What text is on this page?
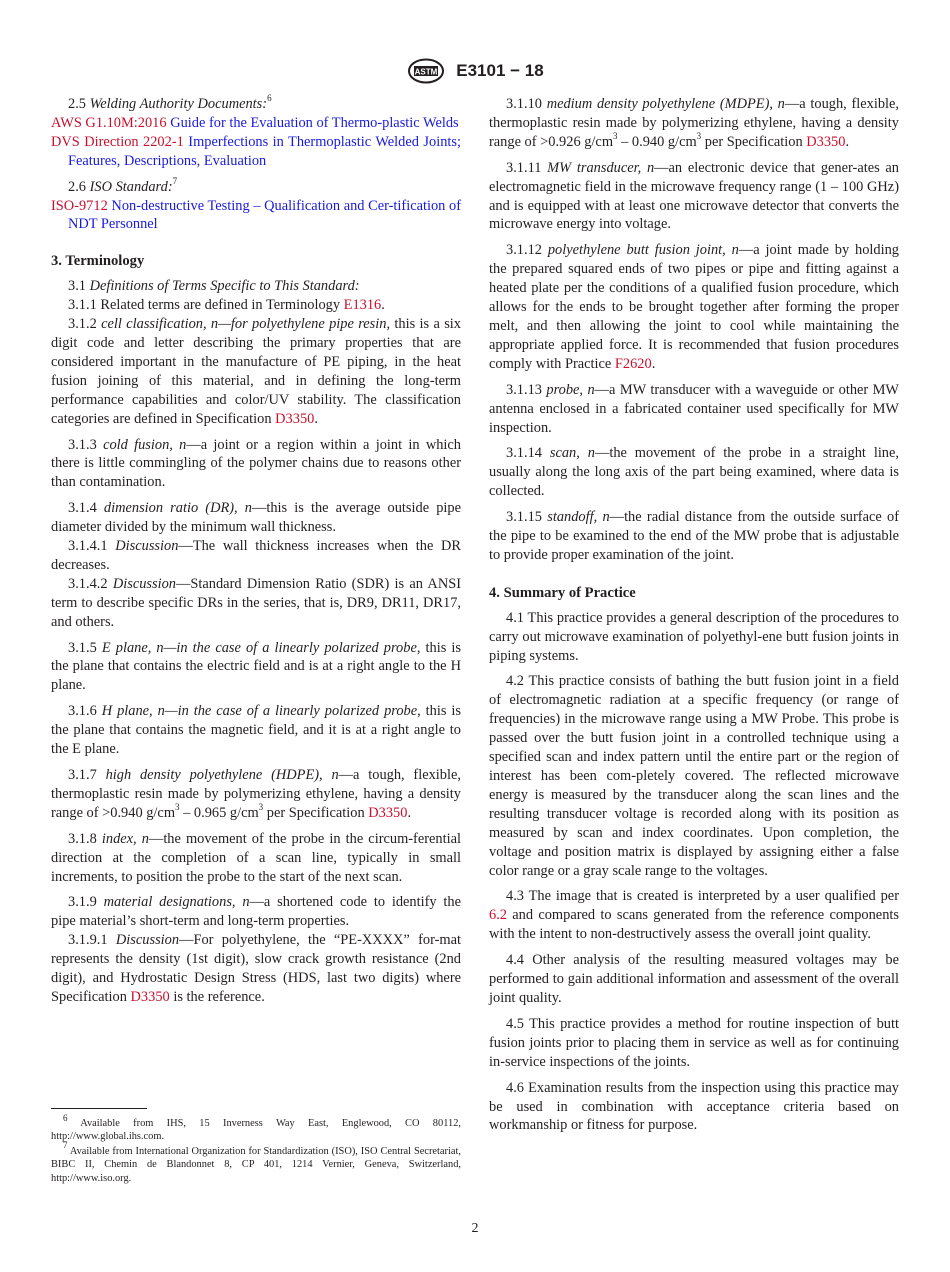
ASTM E3101 − 18

2.5 Welding Authority Documents:$^6$

AWS G1.10M:2016 Guide for the Evaluation of Thermo-plastic Welds

DVS Direction 2202-1 Imperfections in Thermoplastic Welded Joints; Features, Descriptions, Evaluation

2.6 ISO Standard:$^7$

ISO-9712 Non-destructive Testing – Qualification and Cer-tification of NDT Personnel

3. Terminology

3.1 Definitions of Terms Specific to This Standard:

3.1.1 Related terms are defined in Terminology E1316.

3.1.2 cell classification, n—for polyethylene pipe resin, this is a six digit code and letter describing the primary properties that are considered important in the manufacture of PE piping, in the heat fusion joining of this material, and in defining the long-term performance capabilities and color/UV stability. The classification categories are defined in Specification D3350.

3.1.3 cold fusion, n—a joint or a region within a joint in which there is little commingling of the polymer chains due to reasons other than contamination.

3.1.4 dimension ratio (DR), n—this is the average outside pipe diameter divided by the minimum wall thickness.

3.1.4.1 Discussion—The wall thickness increases when the DR decreases.

3.1.4.2 Discussion—Standard Dimension Ratio (SDR) is an ANSI term to describe specific DRs in the series, that is, DR9, DR11, DR17, and others.

3.1.5 E plane, n—in the case of a linearly polarized probe, this is the plane that contains the electric field and is at a right angle to the H plane.

3.1.6 H plane, n—in the case of a linearly polarized probe, this is the plane that contains the magnetic field, and it is at a right angle to the E plane.

3.1.7 high density polyethylene (HDPE), n—a tough, flexible, thermoplastic resin made by polymerizing ethylene, having a density range of >0.940 $g/cm^3 - 0.965$ $g/cm^3$ per Specification D3350.

3.1.8 index, n—the movement of the probe in the circum-ferential direction at the completion of a scan line, typically in small increments, to position the probe to the start of the next scan.

3.1.9 material designations, n—a shortened code to identify the pipe material’s short-term and long-term properties.

3.1.9.1 Discussion—For polyethylene, the “PE-XXXX” for-mat represents the density (1st digit), slow crack growth resistance (2nd digit), and Hydrostatic Design Stress (HDS, last two digits) where Specification D3350 is the reference.

3.1.10 medium density polyethylene (MDPE), n—a tough, flexible, thermoplastic resin made by polymerizing ethylene, having a density range of >0.926 $g/cm^3 - 0.940$ $g/cm^3$ per Specification D3350.

3.1.11 MW transducer, n—an electronic device that gener-ates an electromagnetic field in the microwave frequency range (1 – 100 GHz) and is equipped with at least one microwave detector that converts the microwave energy into voltage.

3.1.12 polyethylene butt fusion joint, n—a joint made by holding the prepared squared ends of two pipes or pipe and fitting against a heated plate per the conditions of a qualified fusion procedure, which allows for the ends to be brought together after forming the proper melt, and then allowing the joint to cool while maintaining the appropriate applied force. It is recommended that fusion procedures comply with Practice F2620.

3.1.13 probe, n—a MW transducer with a waveguide or other MW antenna enclosed in a fabricated container used specifically for MW inspection.

3.1.14 scan, n—the movement of the probe in a straight line, usually along the long axis of the part being examined, where data is collected.

3.1.15 standoff, n—the radial distance from the outside surface of the pipe to be examined to the end of the MW probe that is adjustable to provide proper examination of the joint.

4. Summary of Practice

4.1 This practice provides a general description of the procedures to carry out microwave examination of polyethyl-ene butt fusion joints in piping systems.

4.2 This practice consists of bathing the butt fusion joint in a field of electromagnetic radiation at a specific frequency (or range of frequencies) in the microwave range using a MW Probe. This probe is passed over the butt fusion joint in a controlled technique using a specified scan and index pattern until the entire part or the region of interest has been com-pletely covered. The reflected microwave energy is measured by the transducer along the scan lines and the resulting transducer voltage is recorded along with its position as measured by scan and index coordinates. Upon completion, the voltage and position matrix is displayed by assigning either a false color range or a gray scale range to the voltages.

4.3 The image that is created is interpreted by a user qualified per 6.2 and compared to scans generated from the reference components with the intent to non-destructively assess the overall joint quality.

4.4 Other analysis of the resulting measured voltages may be performed to gain additional information and assessment of the overall joint quality.

4.5 This practice provides a method for routine inspection of butt fusion joints prior to placing them in service as well as for continuing in-service inspections of the joints.

4.6 Examination results from the inspection using this practice may be used in combination with acceptance criteria based on workmanship or fitness for purpose.

$^6$ Available from IHS, 15 Inverness Way East, Englewood, CO 80112, http://www.global.ihs.com.

$^7$ Available from International Organization for Standardization (ISO), ISO Central Secretariat, BIBC II, Chemin de Blandonnet 8, CP 401, 1214 Vernier, Geneva, Switzerland, http://www.iso.org.

2
